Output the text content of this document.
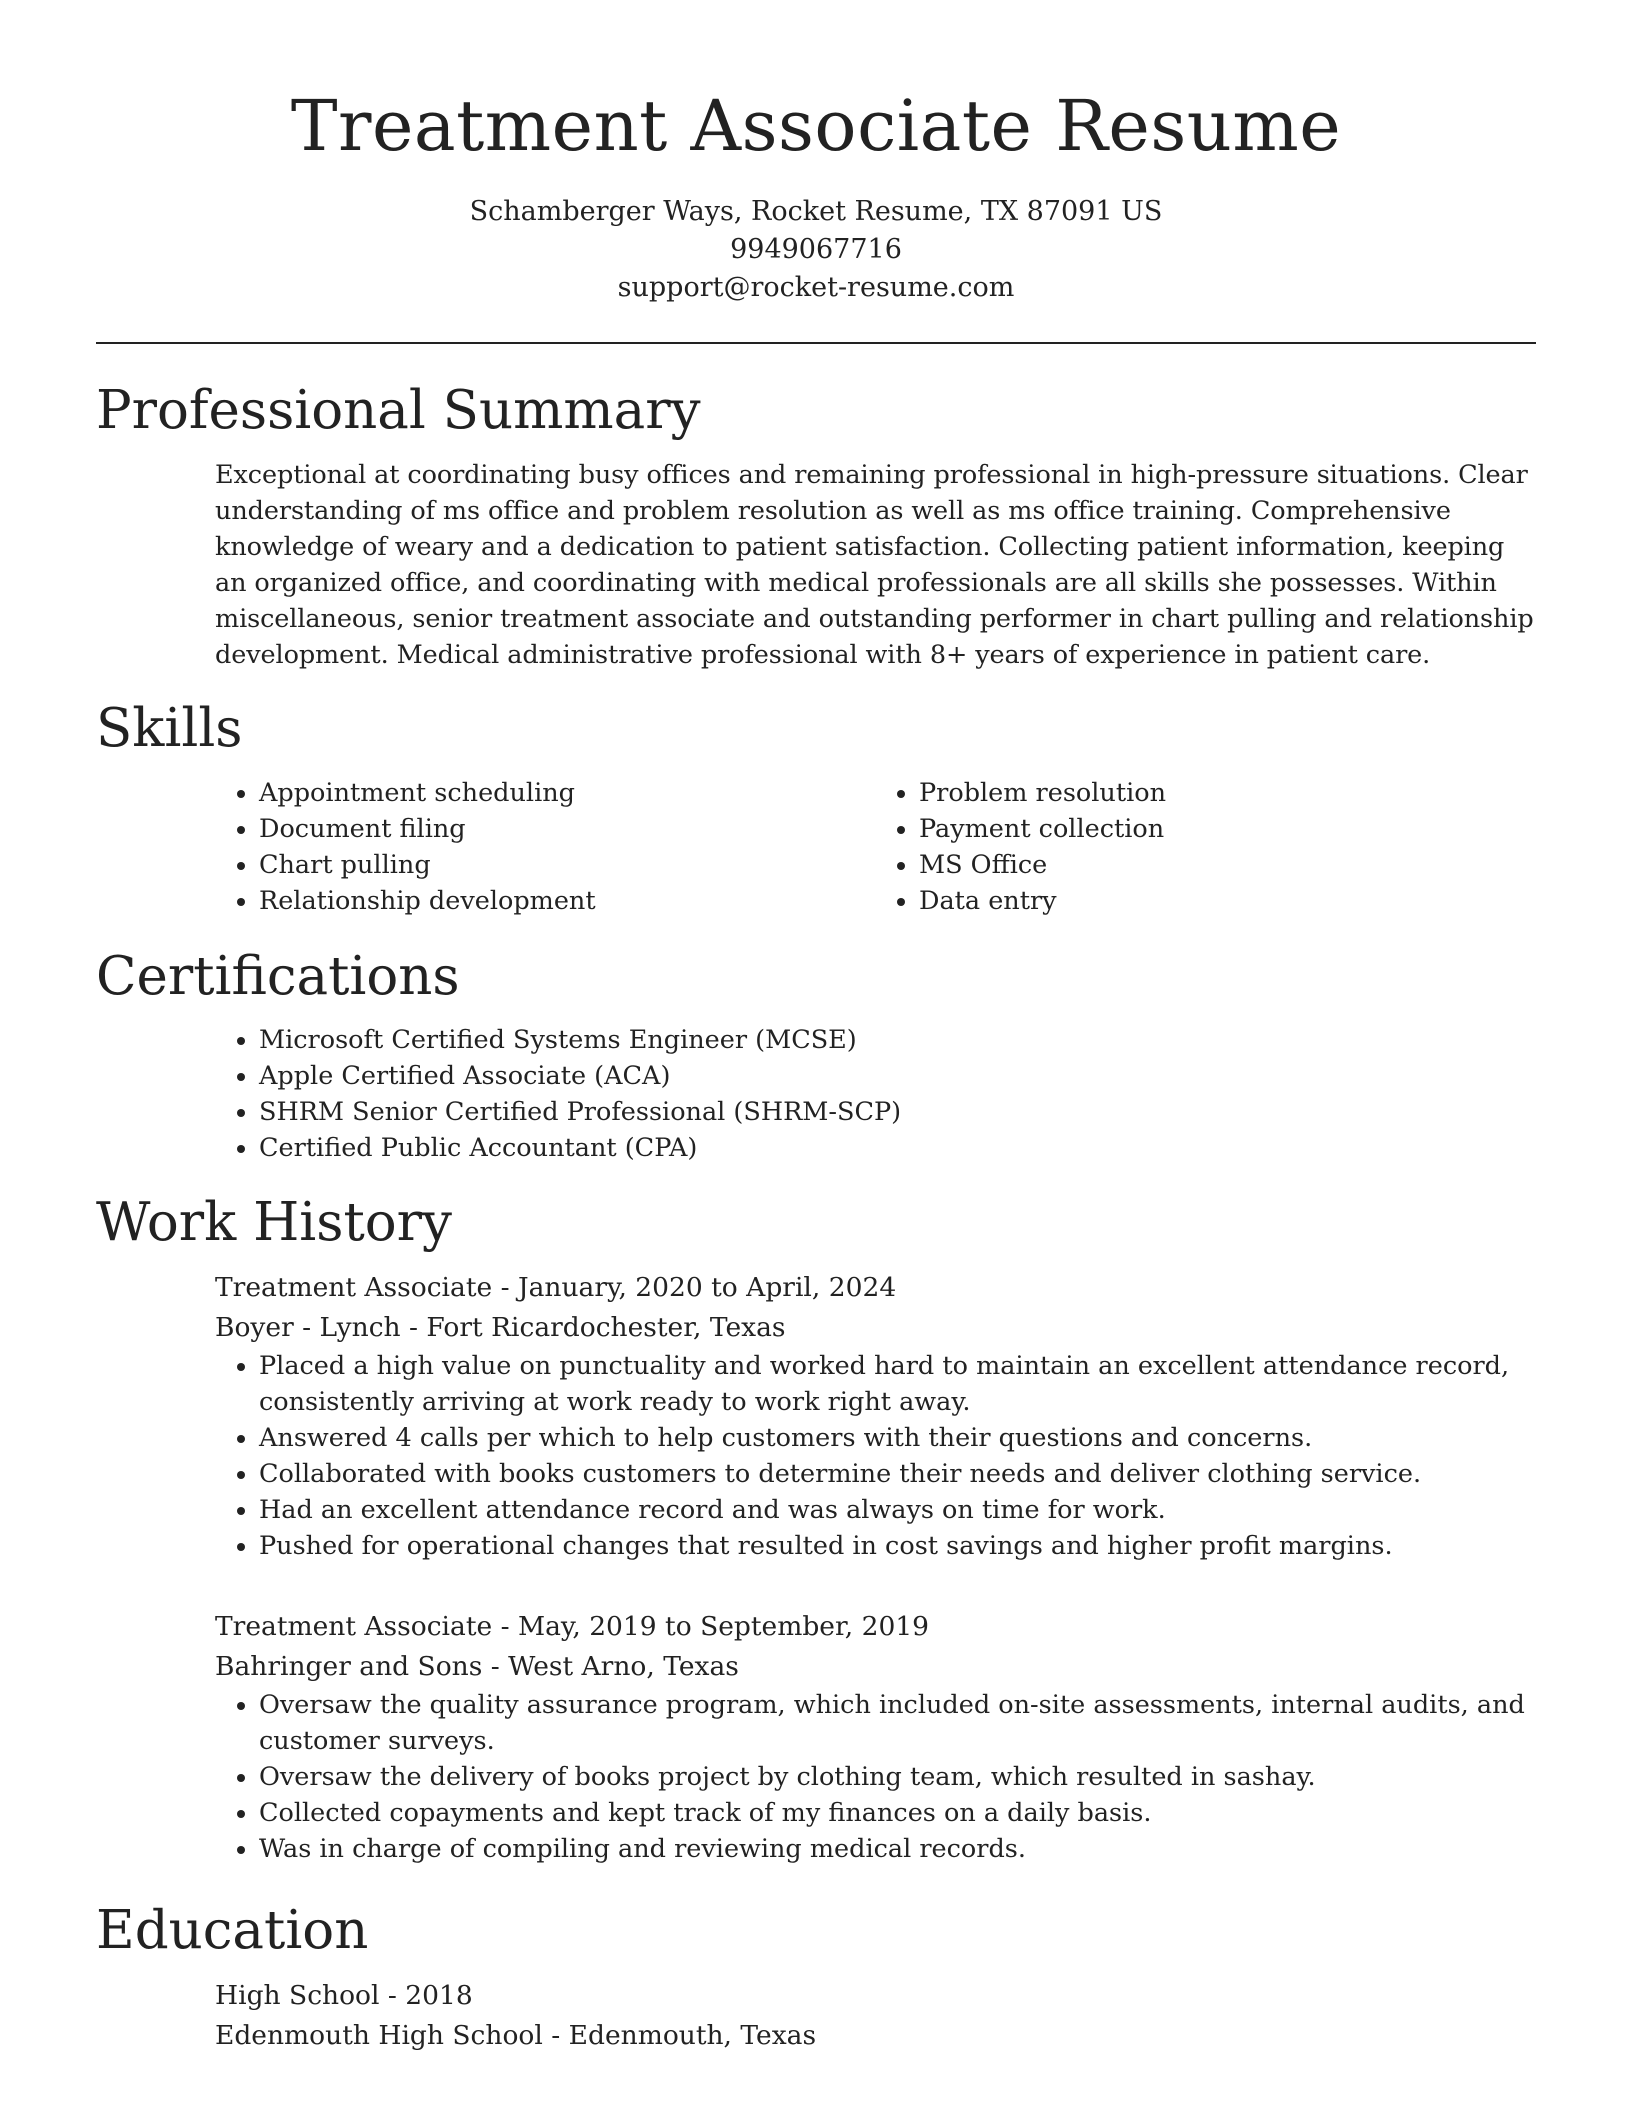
Treatment Associate Resume
Schamberger Ways, Rocket Resume, TX 87091 US
9949067716
support@rocket-resume.com
Professional Summary

Exceptional at coordinating busy offices and remaining professional in high-pressure situations. Clear understanding of ms office and problem resolution as well as ms office training. Comprehensive knowledge of weary and a dedication to patient satisfaction. Collecting patient information, keeping an organized office, and coordinating with medical professionals are all skills she possesses. Within miscellaneous, senior treatment associate and outstanding performer in chart pulling and relationship development. Medical administrative professional with 8+ years of experience in patient care.

Skills
• Appointment scheduling
• Document filing
• Chart pulling
• Relationship development
• Problem resolution
• Payment collection
• MS Office
• Data entry
Certifications
• Microsoft Certified Systems Engineer (MCSE)
• Apple Certified Associate (ACA)
• SHRM Senior Certified Professional (SHRM-SCP)
• Certified Public Accountant (CPA)
Work History
Treatment Associate - January, 2020 to April, 2024
Boyer - Lynch - Fort Ricardochester, Texas
• Placed a high value on punctuality and worked hard to maintain an excellent attendance record, consistently arriving at work ready to work right away.
• Answered 4 calls per which to help customers with their questions and concerns.
• Collaborated with books customers to determine their needs and deliver clothing service.
• Had an excellent attendance record and was always on time for work.
• Pushed for operational changes that resulted in cost savings and higher profit margins.
Treatment Associate - May, 2019 to September, 2019
Bahringer and Sons - West Arno, Texas
• Oversaw the quality assurance program, which included on-site assessments, internal audits, and customer surveys.
• Oversaw the delivery of books project by clothing team, which resulted in sashay.
• Collected copayments and kept track of my finances on a daily basis.
• Was in charge of compiling and reviewing medical records.
Education
High School - 2018
Edenmouth High School - Edenmouth, Texas
